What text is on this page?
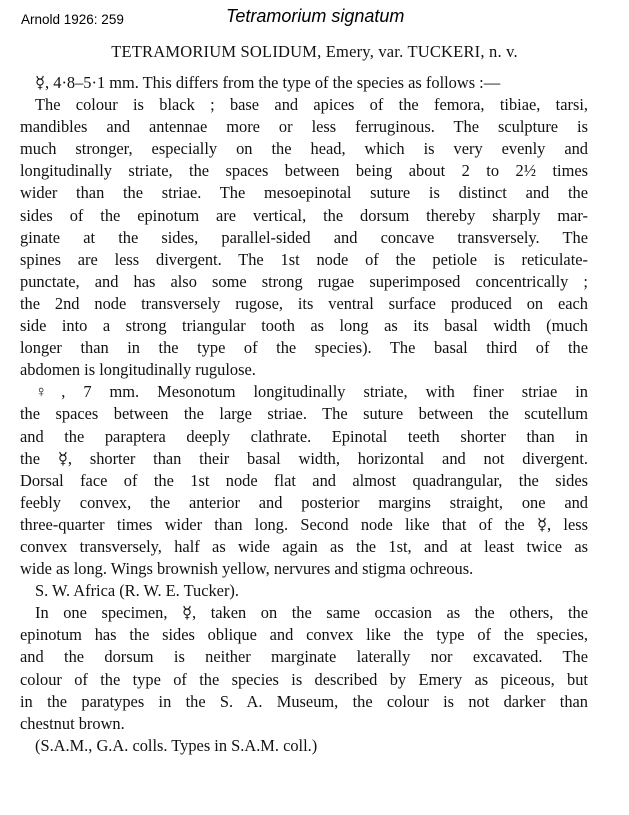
Arnold 1926: 259	Tetramorium signatum
TETRAMORIUM SOLIDUM, Emery, var. TUCKERI, n. v.
☿, 4·8–5·1 mm. This differs from the type of the species as follows :—
The colour is black ; base and apices of the femora, tibiae, tarsi,
mandibles and antennae more or less ferruginous. The sculpture is
much stronger, especially on the head, which is very evenly and
longitudinally striate, the spaces between being about 2 to 2½ times
wider than the striae. The mesoepinotal suture is distinct and the
sides of the epinotum are vertical, the dorsum thereby sharply mar-
ginate at the sides, parallel-sided and concave transversely. The
spines are less divergent. The 1st node of the petiole is reticulate-
punctate, and has also some strong rugae superimposed concentrically ;
the 2nd node transversely rugose, its ventral surface produced on each
side into a strong triangular tooth as long as its basal width (much
longer than in the type of the species). The basal third of the
abdomen is longitudinally rugulose.
♀, 7 mm. Mesonotum longitudinally striate, with finer striae in
the spaces between the large striae. The suture between the scutellum
and the paraptera deeply clathrate. Epinotal teeth shorter than in
the ☿, shorter than their basal width, horizontal and not divergent.
Dorsal face of the 1st node flat and almost quadrangular, the sides
feebly convex, the anterior and posterior margins straight, one and
three-quarter times wider than long. Second node like that of the ☿, less
convex transversely, half as wide again as the 1st, and at least twice as
wide as long. Wings brownish yellow, nervures and stigma ochreous.
S. W. Africa (R. W. E. Tucker).
In one specimen, ☿, taken on the same occasion as the others, the
epinotum has the sides oblique and convex like the type of the species,
and the dorsum is neither marginate laterally nor excavated. The
colour of the type of the species is described by Emery as piceous, but
in the paratypes in the S. A. Museum, the colour is not darker than
chestnut brown.
(S.A.M., G.A. colls. Types in S.A.M. coll.)
